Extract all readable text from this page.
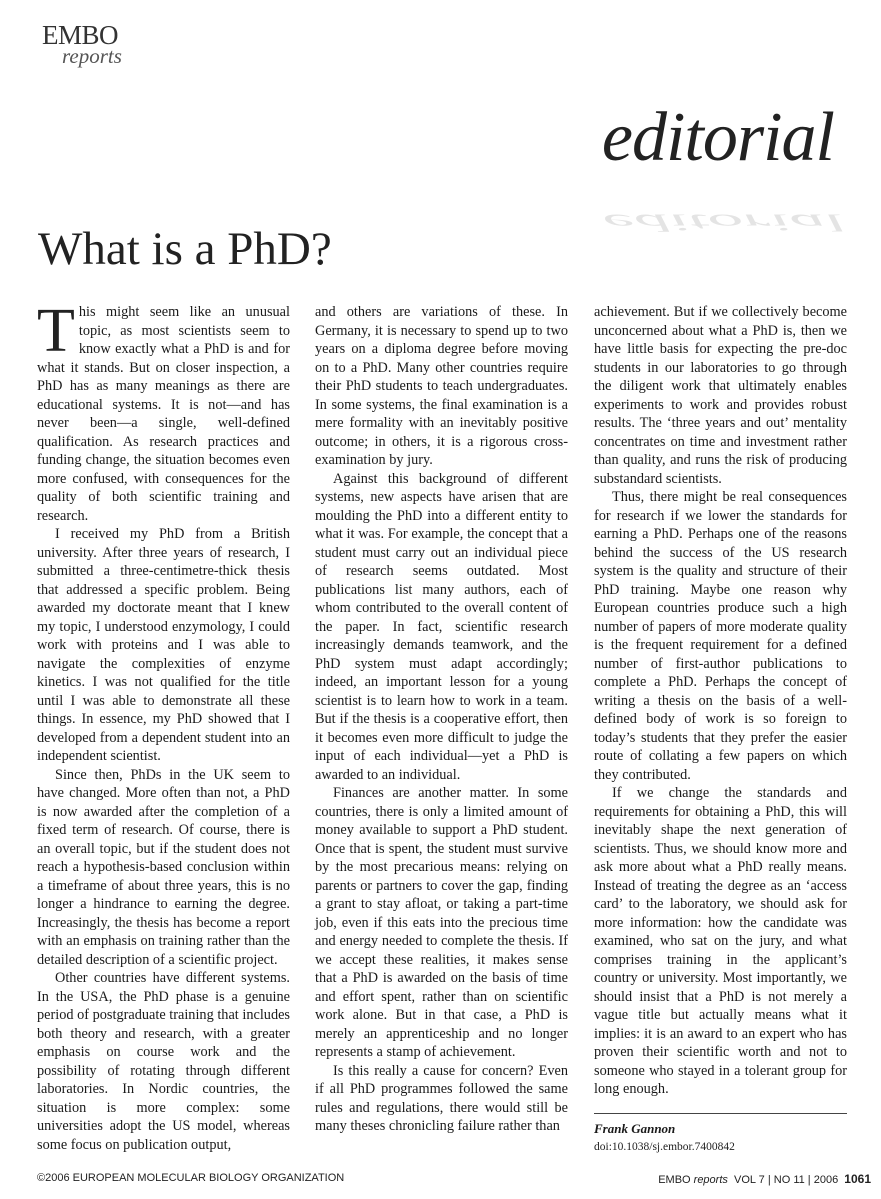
EMBO
reports
editorial
editorial
What is a PhD?

This might seem like an unusual topic, as most scientists seem to know exactly what a PhD is and for what it stands. But on closer inspection, a PhD has as many meanings as there are educational systems. It is not—and has never been—a single, well-defined qualification. As research practices and funding change, the situation becomes even more confused, with consequences for the quality of both scientific training and research.

I received my PhD from a British university. After three years of research, I submitted a three-centimetre-thick thesis that addressed a specific problem. Being awarded my doctorate meant that I knew my topic, I understood enzymology, I could work with proteins and I was able to navigate the complexities of enzyme kinetics. I was not qualified for the title until I was able to demonstrate all these things. In essence, my PhD showed that I developed from a dependent student into an independent scientist.

Since then, PhDs in the UK seem to have changed. More often than not, a PhD is now awarded after the completion of a fixed term of research. Of course, there is an overall topic, but if the student does not reach a hypothesis-based conclusion within a timeframe of about three years, this is no longer a hindrance to earning the degree. Increasingly, the thesis has become a report with an emphasis on training rather than the detailed description of a scientific project.

Other countries have different systems. In the USA, the PhD phase is a genuine period of postgraduate training that includes both theory and research, with a greater emphasis on course work and the possibility of rotating through different laboratories. In Nordic countries, the situation is more complex: some universities adopt the US model, whereas some focus on publication output,

and others are variations of these. In Germany, it is necessary to spend up to two years on a diploma degree before moving on to a PhD. Many other countries require their PhD students to teach undergraduates. In some systems, the final examination is a mere formality with an inevitably positive outcome; in others, it is a rigorous cross-examination by jury.

Against this background of different systems, new aspects have arisen that are moulding the PhD into a different entity to what it was. For example, the concept that a student must carry out an individual piece of research seems outdated. Most publications list many authors, each of whom contributed to the overall content of the paper. In fact, scientific research increasingly demands teamwork, and the PhD system must adapt accordingly; indeed, an important lesson for a young scientist is to learn how to work in a team. But if the thesis is a cooperative effort, then it becomes even more difficult to judge the input of each individual—yet a PhD is awarded to an individual.

Finances are another matter. In some countries, there is only a limited amount of money available to support a PhD student. Once that is spent, the student must survive by the most precarious means: relying on parents or partners to cover the gap, finding a grant to stay afloat, or taking a part-time job, even if this eats into the precious time and energy needed to complete the thesis. If we accept these realities, it makes sense that a PhD is awarded on the basis of time and effort spent, rather than on scientific work alone. But in that case, a PhD is merely an apprenticeship and no longer represents a stamp of achievement.

Is this really a cause for concern? Even if all PhD programmes followed the same rules and regulations, there would still be many theses chronicling failure rather than

achievement. But if we collectively become unconcerned about what a PhD is, then we have little basis for expecting the pre-doc students in our laboratories to go through the diligent work that ultimately enables experiments to work and provides robust results. The ‘three years and out’ mentality concentrates on time and investment rather than quality, and runs the risk of producing substandard scientists.

Thus, there might be real consequences for research if we lower the standards for earning a PhD. Perhaps one of the reasons behind the success of the US research system is the quality and structure of their PhD training. Maybe one reason why European countries produce such a high number of papers of more moderate quality is the frequent requirement for a defined number of first-author publications to complete a PhD. Perhaps the concept of writing a thesis on the basis of a well-defined body of work is so foreign to today’s students that they prefer the easier route of collating a few papers on which they contributed.

If we change the standards and requirements for obtaining a PhD, this will inevitably shape the next generation of scientists. Thus, we should know more and ask more about what a PhD really means. Instead of treating the degree as an ‘access card’ to the laboratory, we should ask for more information: how the candidate was examined, who sat on the jury, and what comprises training in the applicant’s country or university. Most importantly, we should insist that a PhD is not merely a vague title but actually means what it implies: it is an award to an expert who has proven their scientific worth and not to someone who stayed in a tolerant group for long enough.

Frank Gannon

doi:10.1038/sj.embor.7400842

©2006 EUROPEAN MOLECULAR BIOLOGY ORGANIZATION	EMBO reports  VOL 7 | NO 11 | 2006  1061
